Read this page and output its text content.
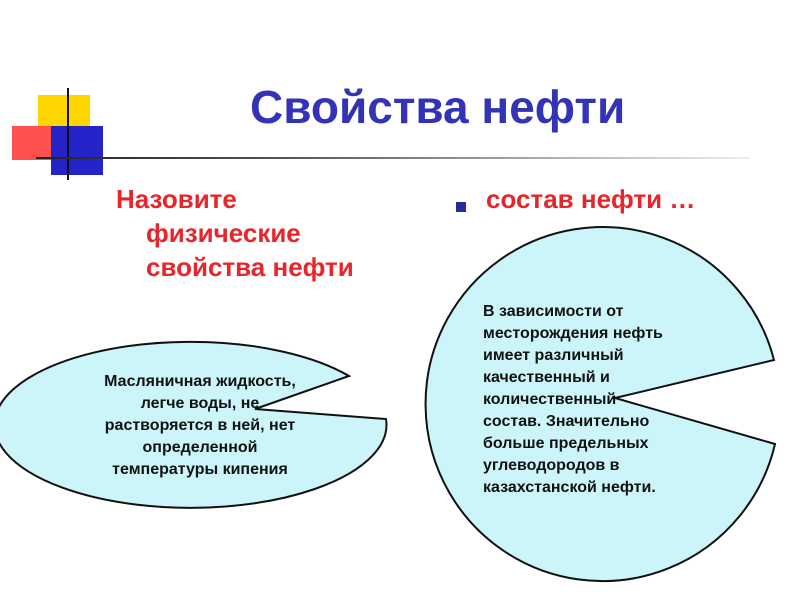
Свойства нефти
Назовите
физические
свойства нефти
состав нефти …
Масляничная жидкость,
легче воды, не
растворяется в ней, нет
определенной
температуры кипения
В зависимости от
месторождения нефть
имеет различный
качественный и
количественный
состав. Значительно
больше предельных
углеводородов в
казахстанской нефти.
